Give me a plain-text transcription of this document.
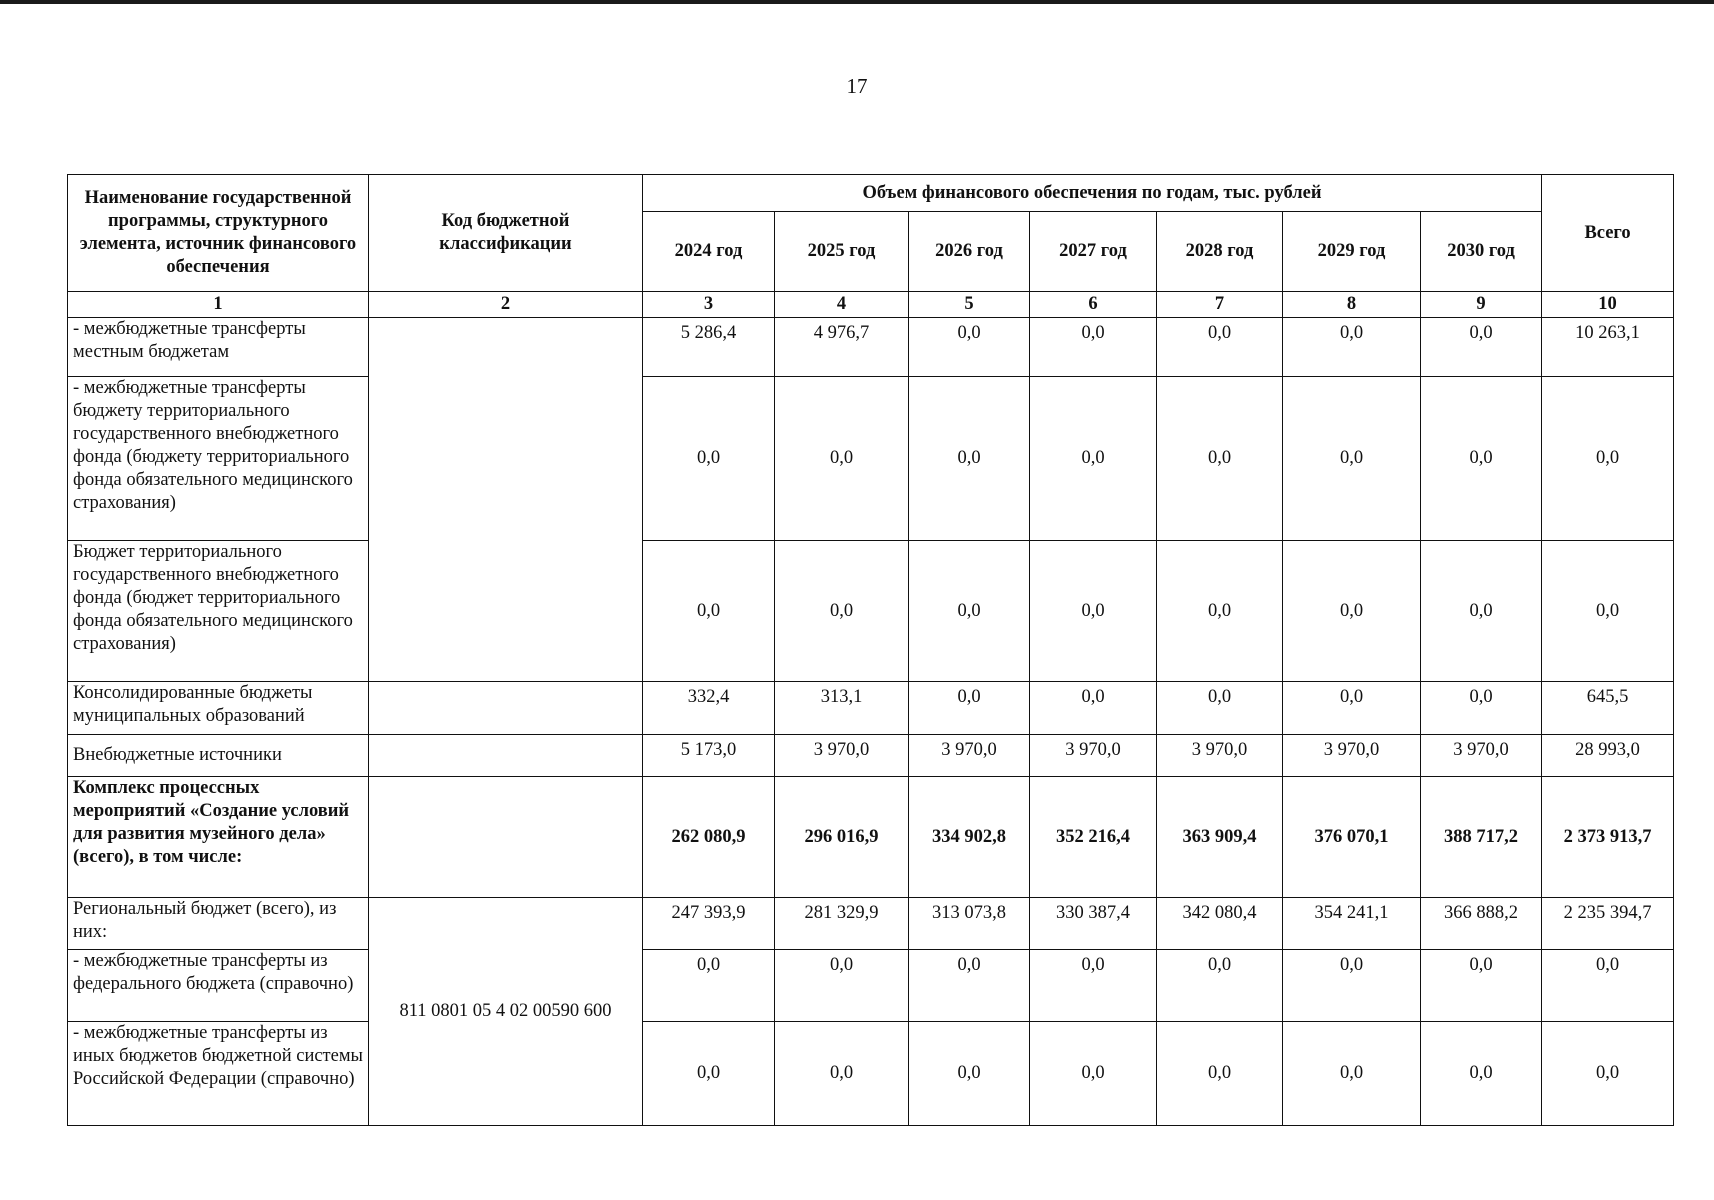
17
Наименование государственной программы, структурного элемента, источник финансового обеспечения	Код бюджетной классификации	Объем финансового обеспечения по годам, тыс. рублей							Всего
		2024 год	2025 год	2026 год	2027 год	2028 год	2029 год	2030 год	
1	2	3	4	5	6	7	8	9	10
- межбюджетные трансферты местным бюджетам		5 286,4	4 976,7	0,0	0,0	0,0	0,0	0,0	10 263,1
- межбюджетные трансферты бюджету территориального государственного внебюджетного фонда (бюджету территориального фонда обязательного медицинского страхования)		0,0	0,0	0,0	0,0	0,0	0,0	0,0	0,0
Бюджет территориального государственного внебюджетного фонда (бюджет территориального фонда обязательного медицинского страхования)		0,0	0,0	0,0	0,0	0,0	0,0	0,0	0,0
Консолидированные бюджеты муниципальных образований		332,4	313,1	0,0	0,0	0,0	0,0	0,0	645,5
Внебюджетные источники		5 173,0	3 970,0	3 970,0	3 970,0	3 970,0	3 970,0	3 970,0	28 993,0
Комплекс процессных мероприятий «Создание условий для развития музейного дела» (всего), в том числе:		262 080,9	296 016,9	334 902,8	352 216,4	363 909,4	376 070,1	388 717,2	2 373 913,7
Региональный бюджет (всего), из них:	811 0801 05 4 02 00590 600	247 393,9	281 329,9	313 073,8	330 387,4	342 080,4	354 241,1	366 888,2	2 235 394,7
- межбюджетные трансферты из федерального бюджета (справочно)		0,0	0,0	0,0	0,0	0,0	0,0	0,0	0,0
- межбюджетные трансферты из иных бюджетов бюджетной системы Российской Федерации (справочно)		0,0	0,0	0,0	0,0	0,0	0,0	0,0	0,0
